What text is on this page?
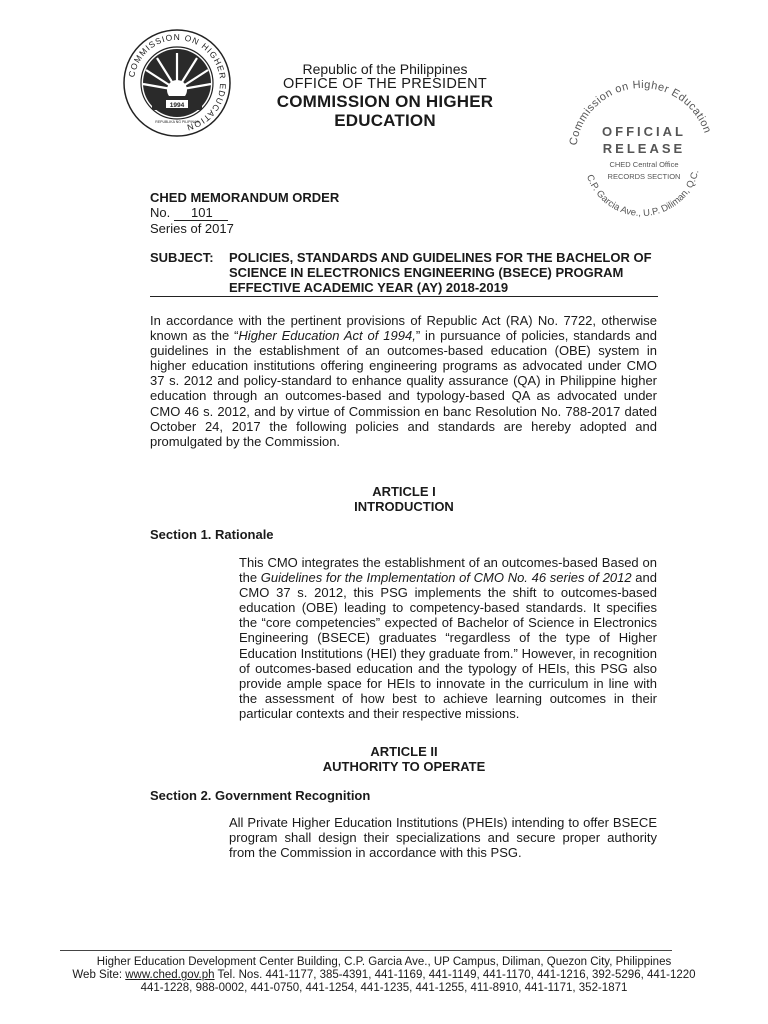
COMMISSION ON HIGHER EDUCATION
1994
REPUBLIKA NG PILIPINAS
Republic of the Philippines
OFFICE OF THE PRESIDENT
COMMISSION ON HIGHER EDUCATION
Commission on Higher Education
C.P. Garcia Ave., U.P. Diliman, Q.C.
OFFICIAL
RELEASE
CHED Central Office
RECORDS SECTION
CHED MEMORANDUM ORDER
No. 101
Series of 2017
SUBJECT: POLICIES, STANDARDS AND GUIDELINES FOR THE BACHELOR OF SCIENCE IN ELECTRONICS ENGINEERING (BSECE) PROGRAM EFFECTIVE ACADEMIC YEAR (AY) 2018-2019

In accordance with the pertinent provisions of Republic Act (RA) No. 7722, otherwise known as the “Higher Education Act of 1994,” in pursuance of policies, standards and guidelines in the establishment of an outcomes-based education (OBE) system in higher education institutions offering engineering programs as advocated under CMO 37 s. 2012 and policy-standard to enhance quality assurance (QA) in Philippine higher education through an outcomes-based and typology-based QA as advocated under CMO 46 s. 2012, and by virtue of Commission en banc Resolution No. 788-2017 dated October 24, 2017 the following policies and standards are hereby adopted and promulgated by the Commission.

ARTICLE I
INTRODUCTION
Section 1. Rationale

This CMO integrates the establishment of an outcomes-based Based on the Guidelines for the Implementation of CMO No. 46 series of 2012 and CMO 37 s. 2012, this PSG implements the shift to outcomes-based education (OBE) leading to competency-based standards. It specifies the “core competencies” expected of Bachelor of Science in Electronics Engineering (BSECE) graduates “regardless of the type of Higher Education Institutions (HEI) they graduate from.” However, in recognition of outcomes-based education and the typology of HEIs, this PSG also provide ample space for HEIs to innovate in the curriculum in line with the assessment of how best to achieve learning outcomes in their particular contexts and their respective missions.

ARTICLE II
AUTHORITY TO OPERATE
Section 2. Government Recognition

All Private Higher Education Institutions (PHEIs) intending to offer BSECE program shall design their specializations and secure proper authority from the Commission in accordance with this PSG.

Higher Education Development Center Building, C.P. Garcia Ave., UP Campus, Diliman, Quezon City, Philippines
Web Site: www.ched.gov.ph Tel. Nos. 441-1177, 385-4391, 441-1169, 441-1149, 441-1170, 441-1216, 392-5296, 441-1220
441-1228, 988-0002, 441-0750, 441-1254, 441-1235, 441-1255, 411-8910, 441-1171, 352-1871
